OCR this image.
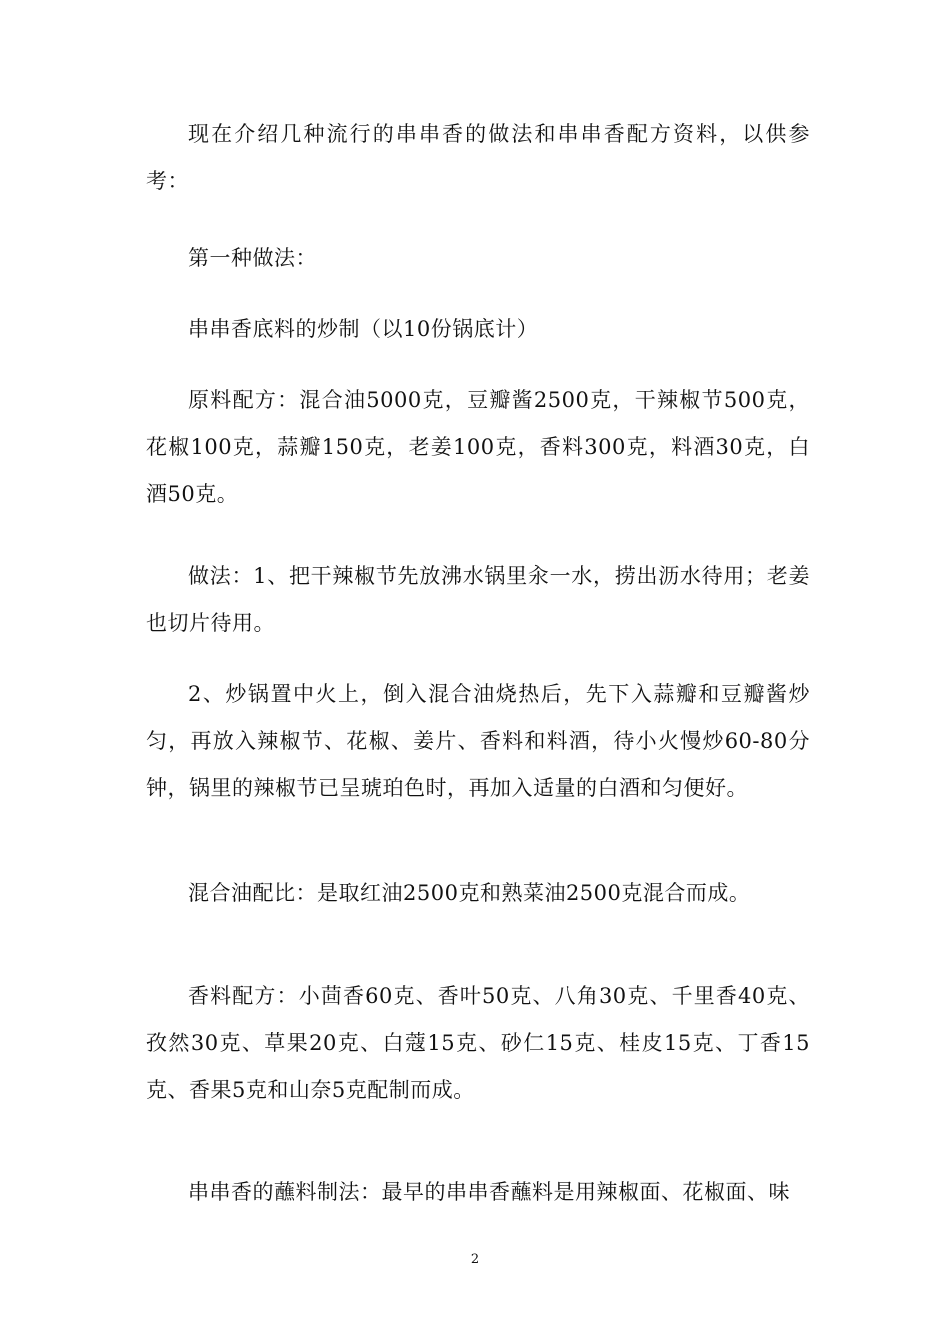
现在介绍几种流行的串串香的做法和串串香配方资料，以供参考：

第一种做法：

串串香底料的炒制（以10份锅底计）

原料配方：混合油5000克，豆瓣酱2500克，干辣椒节500克，花椒100克，蒜瓣150克，老姜100克，香料300克，料酒30克，白酒50克。

做法：1、把干辣椒节先放沸水锅里汆一水，捞出沥水待用；老姜也切片待用。

2、炒锅置中火上，倒入混合油烧热后，先下入蒜瓣和豆瓣酱炒匀，再放入辣椒节、花椒、姜片、香料和料酒，待小火慢炒60-80分钟，锅里的辣椒节已呈琥珀色时，再加入适量的白酒和匀便好。

混合油配比：是取红油2500克和熟菜油2500克混合而成。

香料配方：小茴香60克、香叶50克、八角30克、千里香40克、孜然30克、草果20克、白蔻15克、砂仁15克、桂皮15克、丁香15克、香果5克和山奈5克配制而成。

串串香的蘸料制法：最早的串串香蘸料是用辣椒面、花椒面、味

2
